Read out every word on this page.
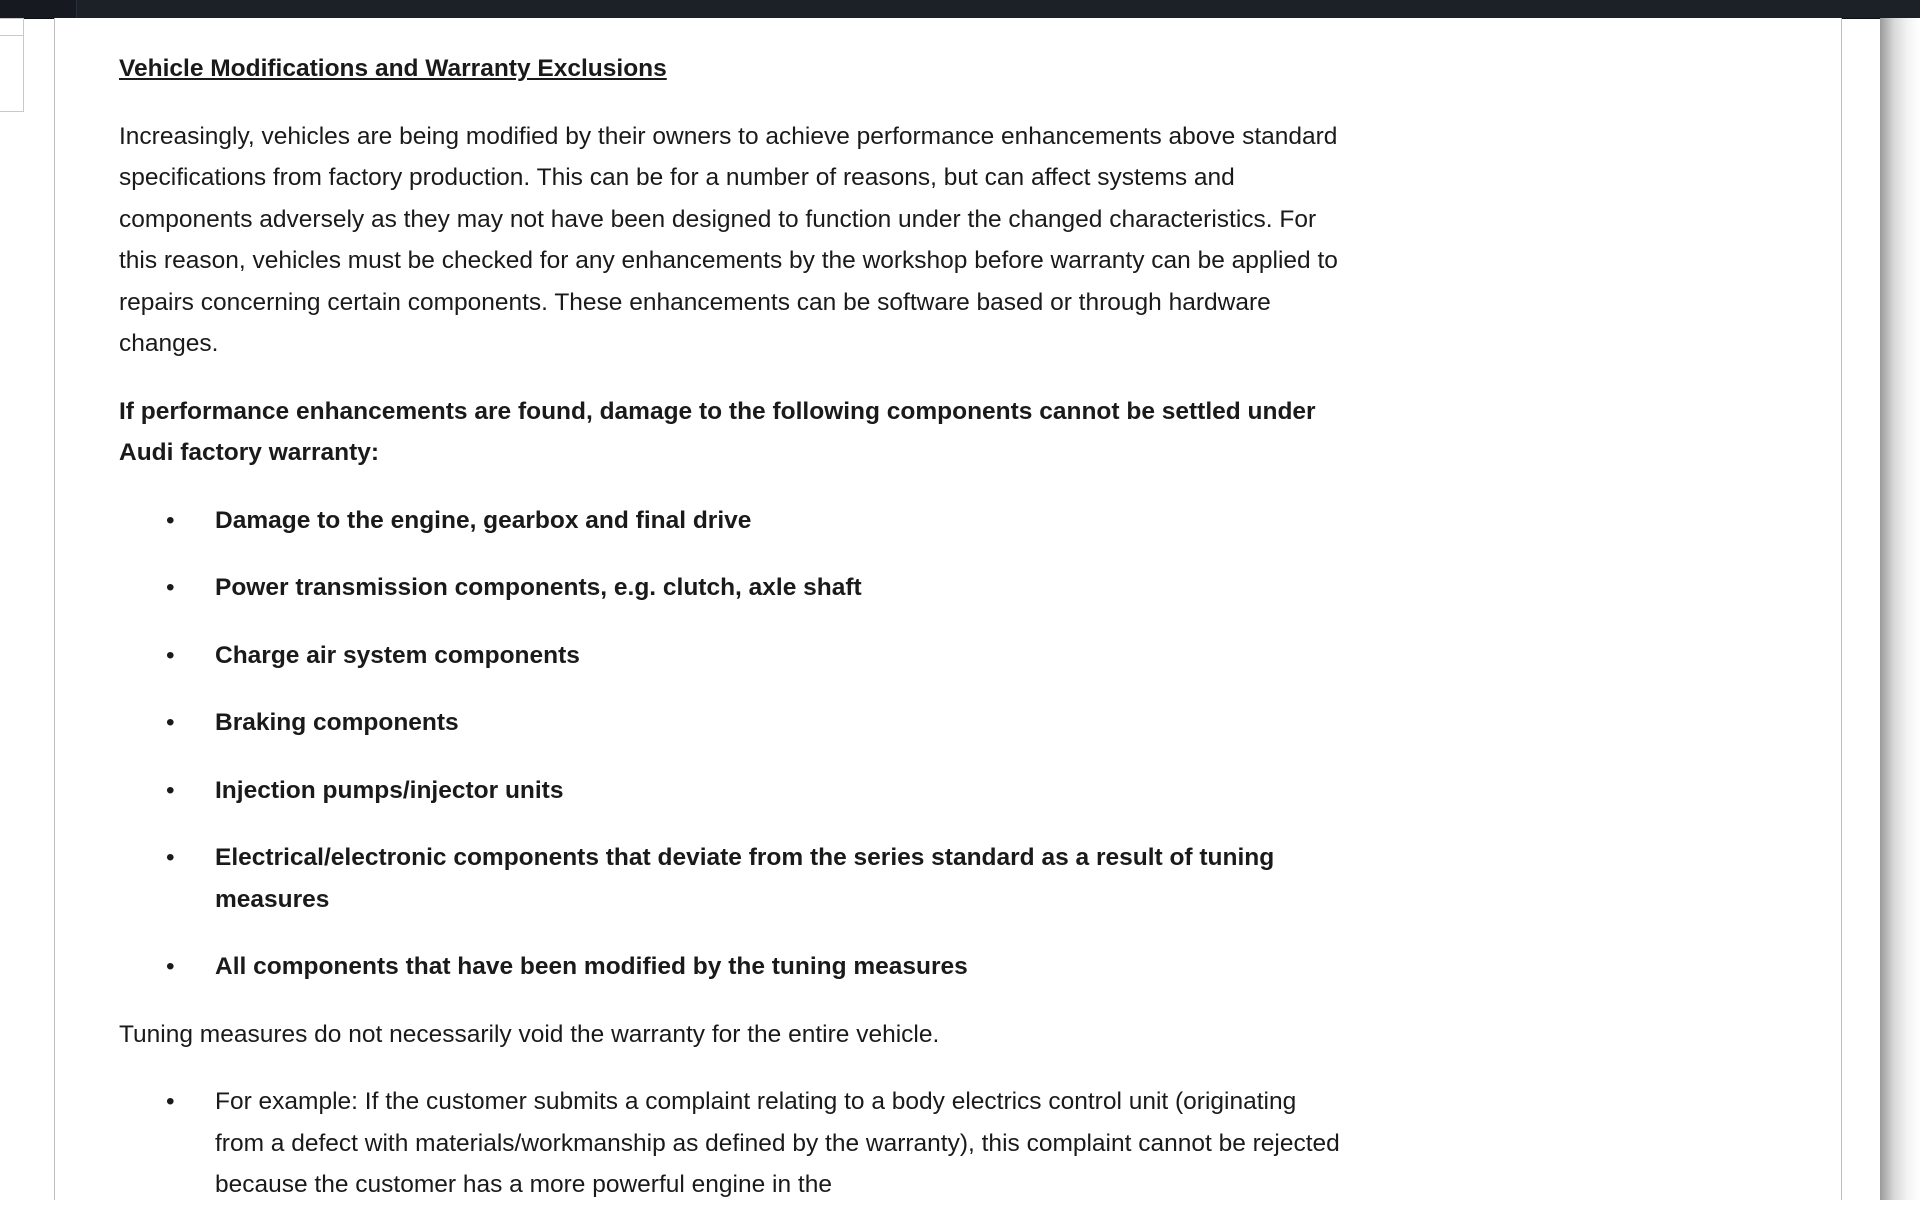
Vehicle Modifications and Warranty Exclusions
Increasingly, vehicles are being modified by their owners to achieve performance enhancements above standard specifications from factory production. This can be for a number of reasons, but can affect systems and components adversely as they may not have been designed to function under the changed characteristics. For this reason, vehicles must be checked for any enhancements by the workshop before warranty can be applied to repairs concerning certain components. These enhancements can be software based or through hardware changes.
If performance enhancements are found, damage to the following components cannot be settled under Audi factory warranty:
• Damage to the engine, gearbox and final drive
• Power transmission components, e.g. clutch, axle shaft
• Charge air system components
• Braking components
• Injection pumps/injector units
• Electrical/electronic components that deviate from the series standard as a result of tuning measures
• All components that have been modified by the tuning measures
Tuning measures do not necessarily void the warranty for the entire vehicle.
• For example: If the customer submits a complaint relating to a body electrics control unit (originating from a defect with materials/workmanship as defined by the warranty), this complaint cannot be rejected because the customer has a more powerful engine in the
